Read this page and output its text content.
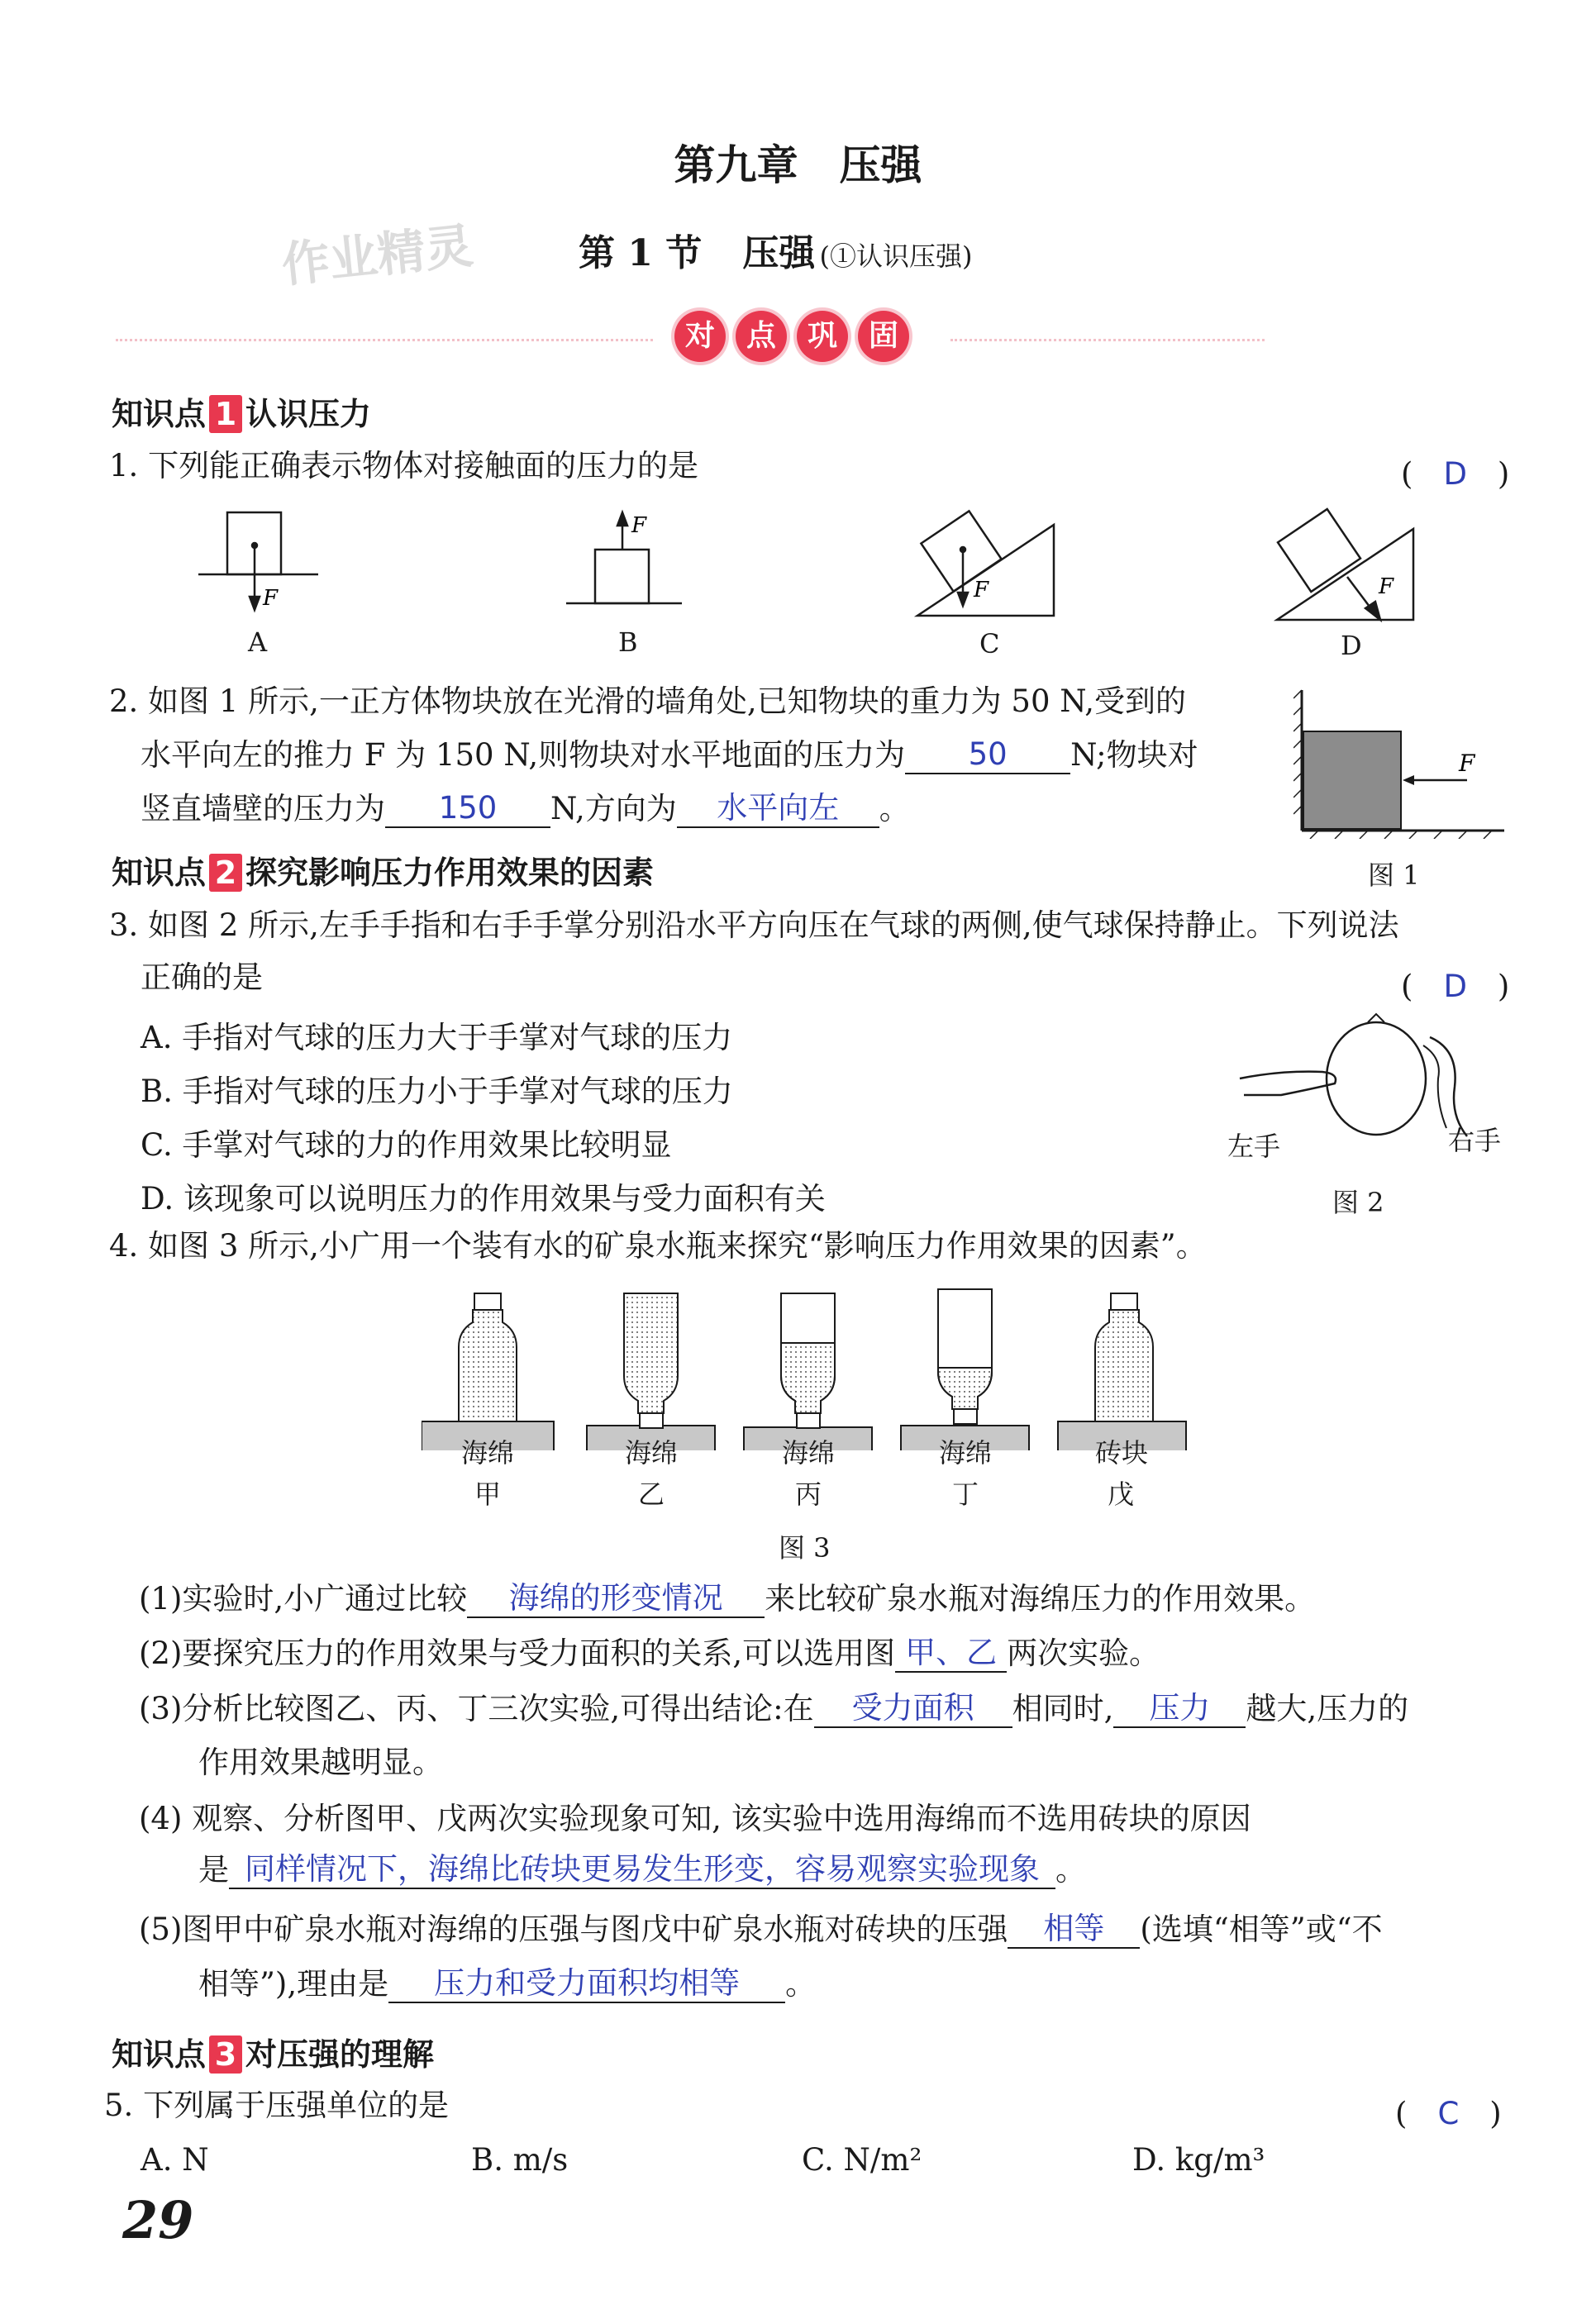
第九章　压强
作业精灵	第 1 节 压强 (①认识压强)
对 点 巩 固
知识点 1 认识压力
1. 下列能正确表示物体对接触面的压力的是	(　D　)
F
F
F	F
A	B	C	D
2. 如图 1 所示,一正方体物块放在光滑的墙角处,已知物块的重力为 50 N,受到的
水平向左的推力 F 为 150 N,则物块对水平地面的压力为 50 N;物块对
竖直墙壁的压力为 150 N,方向为 水平向左 。
F
图 1
知识点 2 探究影响压力作用效果的因素
3. 如图 2 所示,左手手指和右手手掌分别沿水平方向压在气球的两侧,使气球保持静止。下列说法
正确的是	(　D　)
A. 手指对气球的压力大于手掌对气球的压力
B. 手指对气球的压力小于手掌对气球的压力
C. 手掌对气球的力的作用效果比较明显
D. 该现象可以说明压力的作用效果与受力面积有关
左手	右手
图 2
4. 如图 3 所示,小广用一个装有水的矿泉水瓶来探究“影响压力作用效果的因素”。
海绵	海绵	海绵	海绵	砖块
甲	乙	丙	丁	戊
图 3
(1)实验时,小广通过比较 海绵的形变情况 来比较矿泉水瓶对海绵压力的作用效果。
(2)要探究压力的作用效果与受力面积的关系,可以选用图 甲、乙 两次实验。
(3)分析比较图乙、丙、丁三次实验,可得出结论:在 受力面积 相同时, 压力 越大,压力的
作用效果越明显。
(4) 观察、分析图甲、戊两次实验现象可知, 该实验中选用海绵而不选用砖块的原因
是 同样情况下，海绵比砖块更易发生形变，容易观察实验现象 。
(5)图甲中矿泉水瓶对海绵的压强与图戊中矿泉水瓶对砖块的压强 相等 (选填“相等”或“不
相等”),理由是 压力和受力面积均相等 。
知识点 3 对压强的理解
5. 下列属于压强单位的是	(　C　)
A. N	B. m/s	C. N/m²	D. kg/m³
29
